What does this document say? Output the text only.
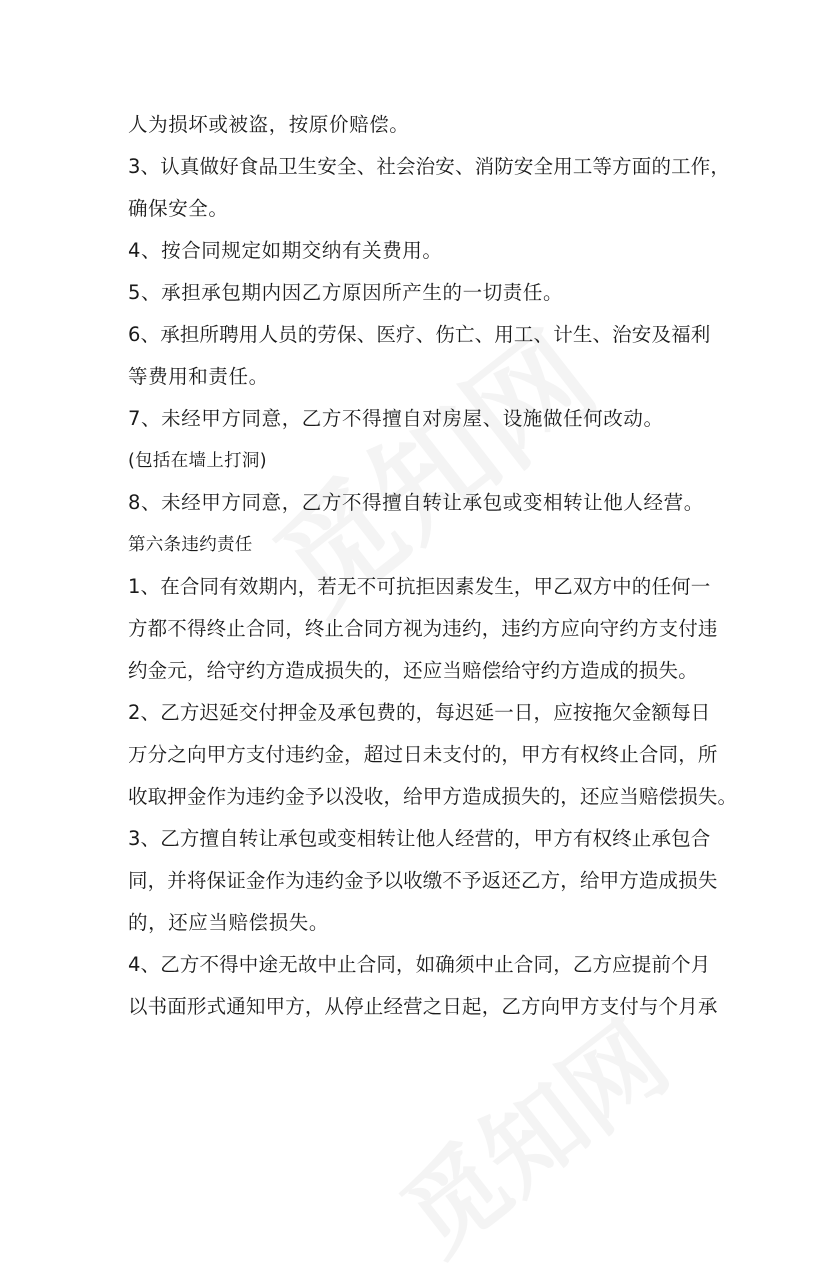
人为损坏或被盗，按原价赔偿。
3、认真做好食品卫生安全、社会治安、消防安全用工等方面的工作，
确保安全。
4、按合同规定如期交纳有关费用。
5、承担承包期内因乙方原因所产生的一切责任。
6、承担所聘用人员的劳保、医疗、伤亡、用工、计生、治安及福利
等费用和责任。
7、未经甲方同意，乙方不得擅自对房屋、设施做任何改动。
(包括在墙上打洞)
8、未经甲方同意，乙方不得擅自转让承包或变相转让他人经营。
第六条违约责任
1、在合同有效期内，若无不可抗拒因素发生，甲乙双方中的任何一
方都不得终止合同，终止合同方视为违约，违约方应向守约方支付违
约金元，给守约方造成损失的，还应当赔偿给守约方造成的损失。
2、乙方迟延交付押金及承包费的，每迟延一日，应按拖欠金额每日
万分之向甲方支付违约金，超过日未支付的，甲方有权终止合同，所
收取押金作为违约金予以没收，给甲方造成损失的，还应当赔偿损失。
3、乙方擅自转让承包或变相转让他人经营的，甲方有权终止承包合
同，并将保证金作为违约金予以收缴不予返还乙方，给甲方造成损失
的，还应当赔偿损失。
4、乙方不得中途无故中止合同，如确须中止合同，乙方应提前个月
以书面形式通知甲方，从停止经营之日起，乙方向甲方支付与个月承
